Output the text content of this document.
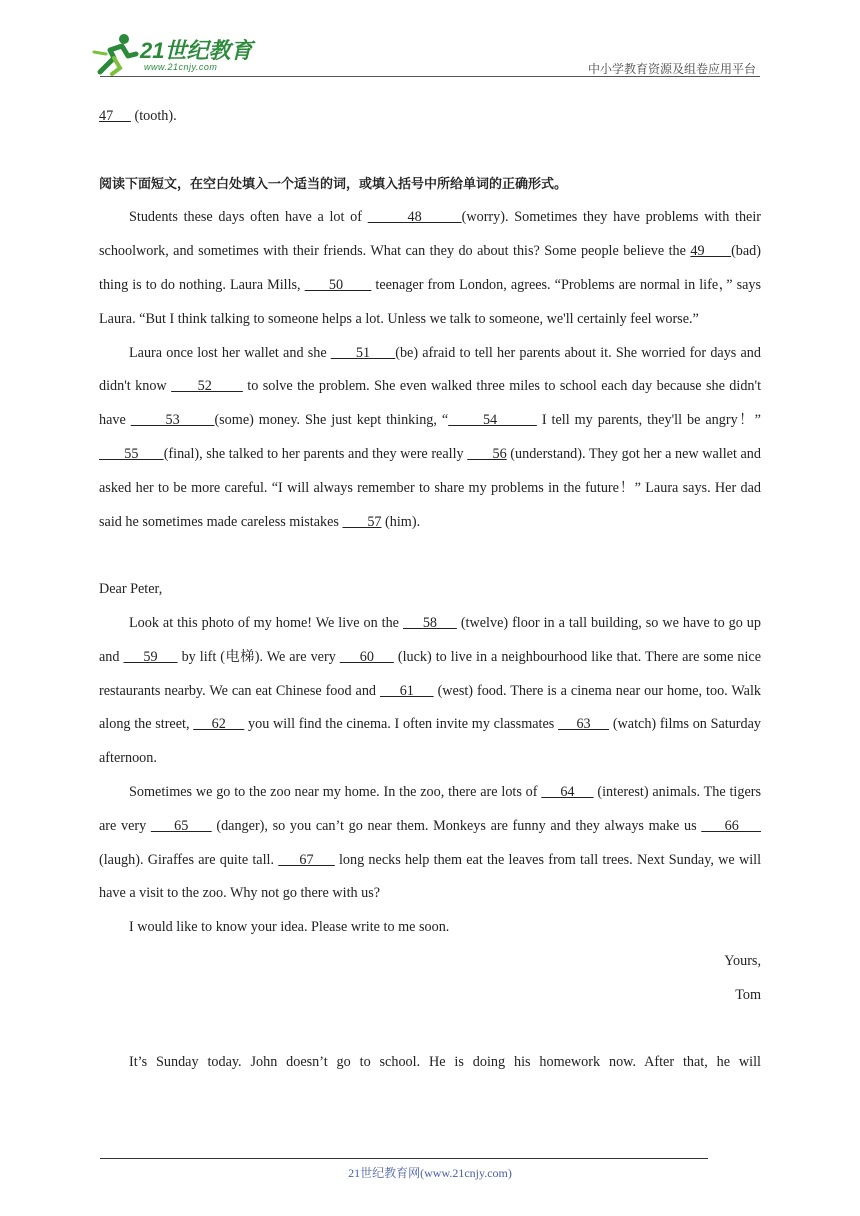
21世纪教育
www.21cnjy.com	中小学教育资源及组卷应用平台

47      (tooth).

阅读下面短文，在空白处填入一个适当的词，或填入括号中所给单词的正确形式。

Students these days often have a lot of        48       (worry). Sometimes they have problems with their schoolwork, and sometimes with their friends. What can they do about this? Some people believe the 49      (bad) thing is to do nothing. Laura Mills,       50        teenager from London, agrees. “Problems are normal in life，” says Laura. “But I think talking to someone helps a lot. Unless we talk to someone, we'll certainly feel worse.”

Laura once lost her wallet and she       51      (be) afraid to tell her parents about it. She worried for days and didn't know       52        to solve the problem. She even walked three miles to school each day because she didn't have        53       (some) money. She just kept thinking, “       54         I tell my parents, they'll be angry！”        55       (final), she talked to her parents and they were really        56 (understand). They got her a new wallet and asked her to be more careful. “I will always remember to share my problems in the future！” Laura says. Her dad said he sometimes made careless mistakes        57 (him).

Dear Peter,

Look at this photo of my home! We live on the      58      (twelve) floor in a tall building, so we have to go up and      59      by lift (电梯). We are very      60      (luck) to live in a neighbourhood like that. There are some nice restaurants nearby. We can eat Chinese food and      61      (west) food. There is a cinema near our home, too. Walk along the street,      62      you will find the cinema. I often invite my classmates      63      (watch) films on Saturday afternoon.

Sometimes we go to the zoo near my home. In the zoo, there are lots of      64      (interest) animals. The tigers are very      65      (danger), so you can’t go near them. Monkeys are funny and they always make us      66      (laugh). Giraffes are quite tall.      67      long necks help them eat the leaves from tall trees. Next Sunday, we will have a visit to the zoo. Why not go there with us?

I would like to know your idea. Please write to me soon.

Yours,

Tom

It’s Sunday today. John doesn’t go to school. He is doing his homework now. After that, he will

21世纪教育网(www.21cnjy.com)
